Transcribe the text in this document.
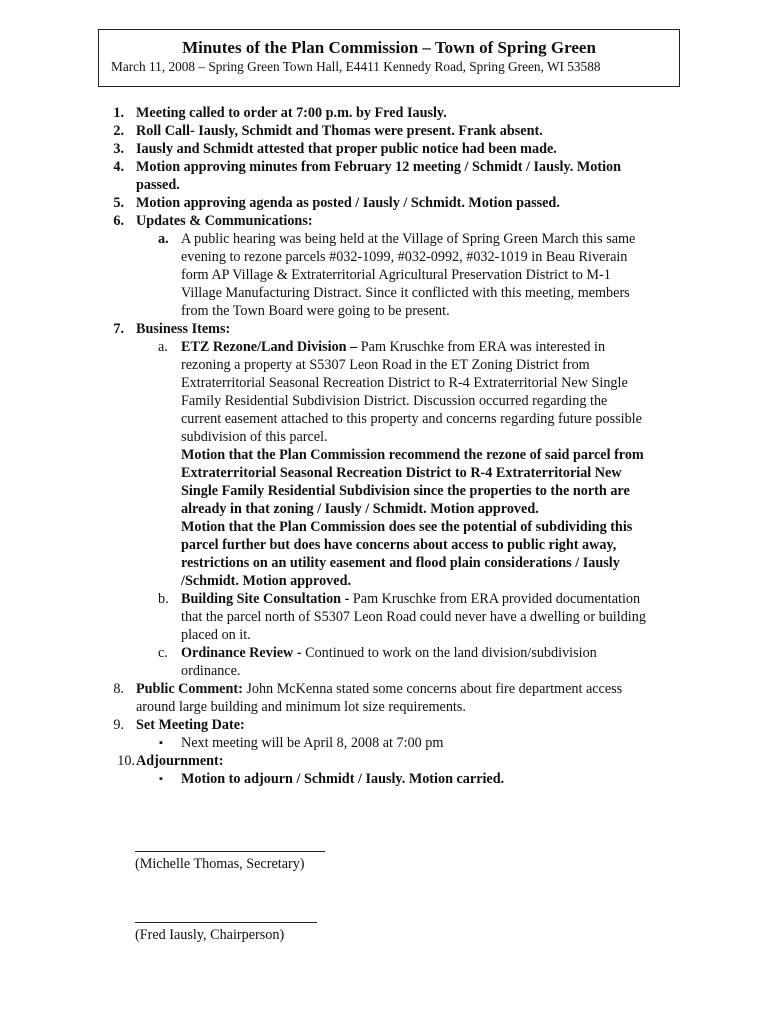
Minutes of the Plan Commission – Town of Spring Green
March 11, 2008 – Spring Green Town Hall, E4411 Kennedy Road, Spring Green, WI 53588
1. Meeting called to order at 7:00 p.m. by Fred Iausly.
2. Roll Call- Iausly, Schmidt and Thomas were present. Frank absent.
3. Iausly and Schmidt attested that proper public notice had been made.
4. Motion approving minutes from February 12 meeting / Schmidt / Iausly. Motion
passed.
5. Motion approving agenda as posted / Iausly / Schmidt. Motion passed.
6. Updates & Communications:
a. A public hearing was being held at the Village of Spring Green March this same
evening to rezone parcels #032-1099, #032-0992, #032-1019 in Beau Riverain
form AP Village & Extraterritorial Agricultural Preservation District to M-1
Village Manufacturing Distract. Since it conflicted with this meeting, members
from the Town Board were going to be present.
7. Business Items:
a. ETZ Rezone/Land Division – Pam Kruschke from ERA was interested in
rezoning a property at S5307 Leon Road in the ET Zoning District from
Extraterritorial Seasonal Recreation District to R-4 Extraterritorial New Single
Family Residential Subdivision District. Discussion occurred regarding the
current easement attached to this property and concerns regarding future possible
subdivision of this parcel.
Motion that the Plan Commission recommend the rezone of said parcel from
Extraterritorial Seasonal Recreation District to R-4 Extraterritorial New
Single Family Residential Subdivision since the properties to the north are
already in that zoning / Iausly / Schmidt. Motion approved.
Motion that the Plan Commission does see the potential of subdividing this
parcel further but does have concerns about access to public right away,
restrictions on an utility easement and flood plain considerations / Iausly
/Schmidt. Motion approved.
b. Building Site Consultation - Pam Kruschke from ERA provided documentation
that the parcel north of S5307 Leon Road could never have a dwelling or building
placed on it.
c. Ordinance Review - Continued to work on the land division/subdivision
ordinance.
8. Public Comment: John McKenna stated some concerns about fire department access
around large building and minimum lot size requirements.
9. Set Meeting Date:
▪ Next meeting will be April 8, 2008 at 7:00 pm
10. Adjournment:
▪ Motion to adjourn / Schmidt / Iausly. Motion carried.
(Michelle Thomas, Secretary)
(Fred Iausly, Chairperson)
